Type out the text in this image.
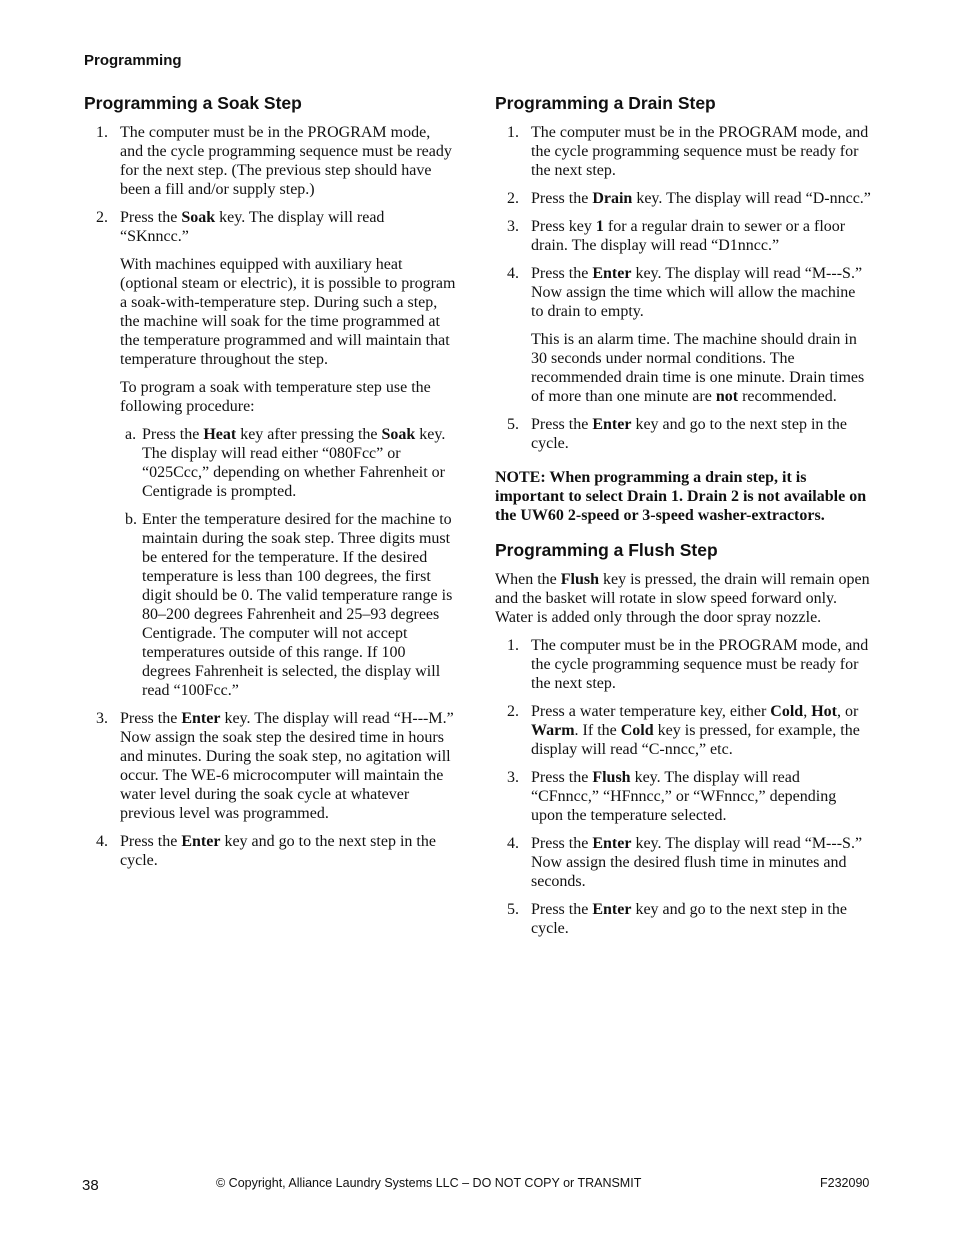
Programming
Programming a Soak Step
1. The computer must be in the PROGRAM mode, and the cycle programming sequence must be ready for the next step. (The previous step should have been a fill and/or supply step.)

2. Press the Soak key. The display will read “SKnncc.”

With machines equipped with auxiliary heat (optional steam or electric), it is possible to program a soak-with-temperature step. During such a step, the machine will soak for the time programmed at the temperature programmed and will maintain that temperature throughout the step.

To program a soak with temperature step use the following procedure:

a. Press the Heat key after pressing the Soak key. The display will read either “080Fcc” or “025Ccc,” depending on whether Fahrenheit or Centigrade is prompted.
b. Enter the temperature desired for the machine to maintain during the soak step. Three digits must be entered for the temperature. If the desired temperature is less than 100 degrees, the first digit should be 0. The valid temperature range is 80–200 degrees Fahrenheit and 25–93 degrees Centigrade. The computer will not accept temperatures outside of this range. If 100 degrees Fahrenheit is selected, the display will read “100Fcc.”
3. Press the Enter key. The display will read “H---M.” Now assign the soak step the desired time in hours and minutes. During the soak step, no agitation will occur. The WE-6 microcomputer will maintain the water level during the soak cycle at whatever previous level was programmed.

4. Press the Enter key and go to the next step in the cycle.

Programming a Drain Step
1. The computer must be in the PROGRAM mode, and the cycle programming sequence must be ready for the next step.

2. Press the Drain key. The display will read “D-nncc.”

3. Press key 1 for a regular drain to sewer or a floor drain. The display will read “D1nncc.”

4. Press the Enter key. The display will read “M---S.” Now assign the time which will allow the machine to drain to empty.

This is an alarm time. The machine should drain in 30 seconds under normal conditions. The recommended drain time is one minute. Drain times of more than one minute are not recommended.

5. Press the Enter key and go to the next step in the cycle.

NOTE: When programming a drain step, it is important to select Drain 1. Drain 2 is not available on the UW60 2-speed or 3-speed washer-extractors.
Programming a Flush Step

When the Flush key is pressed, the drain will remain open and the basket will rotate in slow speed forward only. Water is added only through the door spray nozzle.

1. The computer must be in the PROGRAM mode, and the cycle programming sequence must be ready for the next step.

2. Press a water temperature key, either Cold, Hot, or Warm. If the Cold key is pressed, for example, the display will read “C-nncc,” etc.

3. Press the Flush key. The display will read “CFnncc,” “HFnncc,” or “WFnncc,” depending upon the temperature selected.

4. Press the Enter key. The display will read “M---S.” Now assign the desired flush time in minutes and seconds.

5. Press the Enter key and go to the next step in the cycle.

38	© Copyright, Alliance Laundry Systems LLC – DO NOT COPY or TRANSMIT	F232090
